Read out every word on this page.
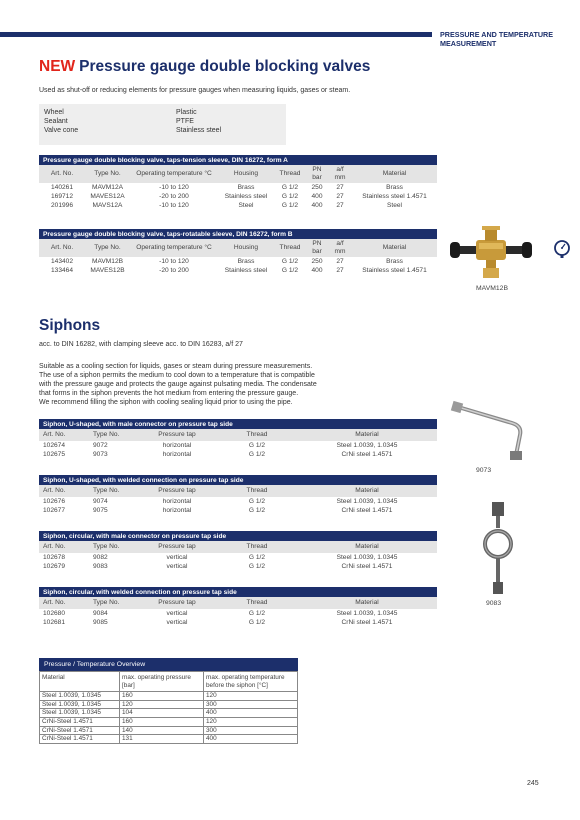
PRESSURE AND TEMPERATURE MEASUREMENT
NEW Pressure gauge double blocking valves
Used as shut-off or reducing elements for pressure gauges when measuring liquids, gases or steam.
Wheel	Plastic
Sealant	PTFE
Valve cone	Stainless steel
Pressure gauge double blocking valve, taps-tension sleeve, DIN 16272, form A
Art. No.	Type No.	Operating temperature °C	Housing	Thread	PN bar	a/f mm	Material
140261	MAVM12A	-10 to 120	Brass	G 1/2	250	27	Brass
169712	MAVES12A	-20 to 200	Stainless steel	G 1/2	400	27	Stainless steel 1.4571
201996	MAVS12A	-10 to 120	Steel	G 1/2	400	27	Steel
Pressure gauge double blocking valve, taps-rotatable sleeve, DIN 16272, form B
Art. No.	Type No.	Operating temperature °C	Housing	Thread	PN bar	a/f mm	Material
143402	MAVM12B	-10 to 120	Brass	G 1/2	250	27	Brass
133464	MAVES12B	-20 to 200	Stainless steel	G 1/2	400	27	Stainless steel 1.4571
MAVM12B
Siphons
acc. to DIN 16282, with clamping sleeve acc. to DIN 16283, a/f 27
Suitable as a cooling section for liquids, gases or steam during pressure measurements.
The use of a siphon permits the medium to cool down to a temperature that is compatible
with the pressure gauge and protects the gauge against pulsating media. The condensate
that forms in the siphon prevents the hot medium from entering the pressure gauge.
We recommend filling the siphon with cooling sealing liquid prior to using the pipe.
Siphon, U-shaped, with male connector on pressure tap side
Art. No.	Type No.	Pressure tap	Thread	Material
102674	9072	horizontal	G 1/2	Steel 1.0039, 1.0345
102675	9073	horizontal	G 1/2	CrNi steel 1.4571
Siphon, U-shaped, with welded connection on pressure tap side
Art. No.	Type No.	Pressure tap	Thread	Material
102676	9074	horizontal	G 1/2	Steel 1.0039, 1.0345
102677	9075	horizontal	G 1/2	CrNi steel 1.4571
Siphon, circular, with male connector on pressure tap side
Art. No.	Type No.	Pressure tap	Thread	Material
102678	9082	vertical	G 1/2	Steel 1.0039, 1.0345
102679	9083	vertical	G 1/2	CrNi steel 1.4571
Siphon, circular, with welded connection on pressure tap side
Art. No.	Type No.	Pressure tap	Thread	Material
102680	9084	vertical	G 1/2	Steel 1.0039, 1.0345
102681	9085	vertical	G 1/2	CrNi steel 1.4571
9073
9083
Pressure / Temperature Overview
Material	max. operating pressure [bar]	max. operating temperature before the siphon [°C]
Steel 1.0039, 1.0345	160	120
Steel 1.0039, 1.0345	120	300
Steel 1.0039, 1.0345	104	400
CrNi-Steel 1.4571	160	120
CrNi-Steel 1.4571	140	300
CrNi-Steel 1.4571	131	400
245
